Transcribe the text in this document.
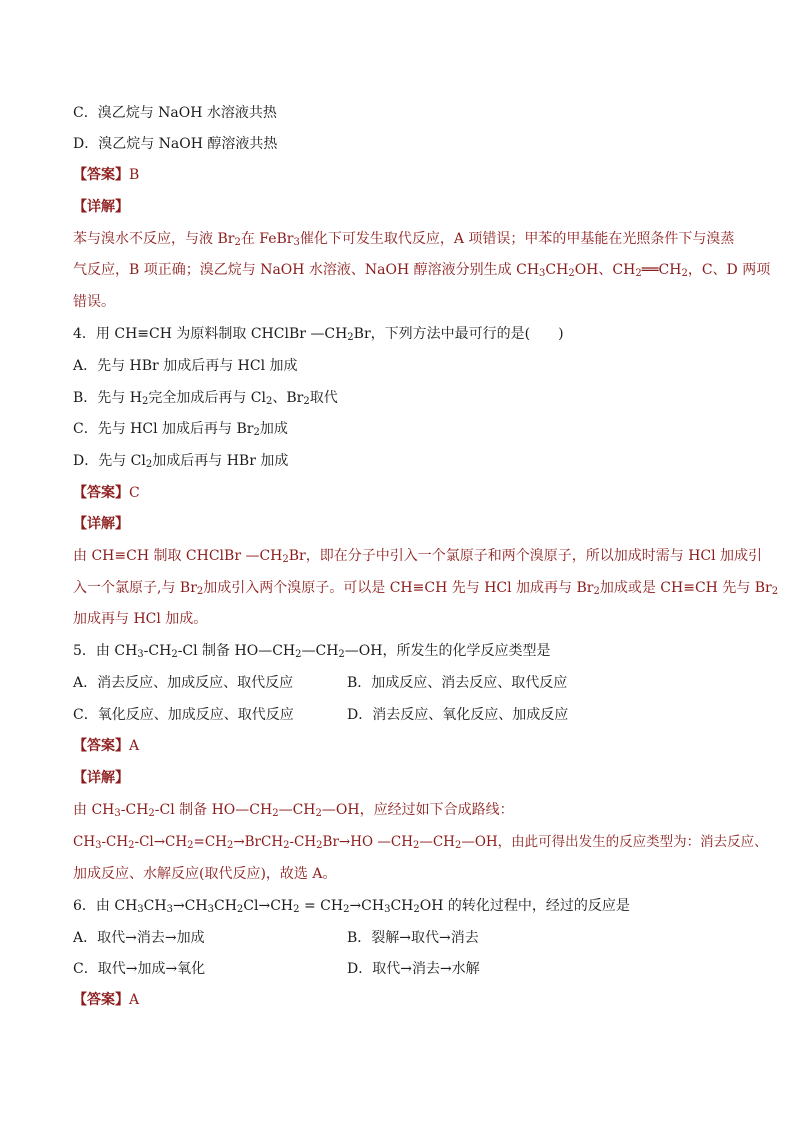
C．溴乙烷与 NaOH 水溶液共热
D．溴乙烷与 NaOH 醇溶液共热
【答案】B
【详解】
苯与溴水不反应，与液 $Br_2$在 FeBr$_3$催化下可发生取代反应，A 项错误；甲苯的甲基能在光照条件下与溴蒸
气反应，B 项正确；溴乙烷与 NaOH 水溶液、NaOH 醇溶液分别生成 $CH_3CH_2OH$、$CH_2══CH_2$，C、D 两项
错误。
4．用 CH≡CH 为原料制取 CHClBr $—CH_2Br$，下列方法中最可行的是(　　)
A．先与 HBr 加成后再与 HCl 加成
B．先与 $H_2$完全加成后再与 $Cl_2$、$Br_2$取代
C．先与 HCl 加成后再与 $Br_2$加成
D．先与 $Cl_2$加成后再与 HBr 加成
【答案】C
【详解】
由 CH≡CH 制取 CHClBr $—CH_2Br$，即在分子中引入一个氯原子和两个溴原子，所以加成时需与 HCl 加成引
入一个氯原子,与 $Br_2$加成引入两个溴原子。可以是 CH≡CH 先与 HCl 加成再与 $Br_2$加成或是 CH≡CH 先与 $Br_2$
加成再与 HCl 加成。
5．由 $CH_3-CH_2-Cl$ 制备 $HO—CH_2—CH_2—OH$，所发生的化学反应类型是
A．消去反应、加成反应、取代反应	B．加成反应、消去反应、取代反应
C．氧化反应、加成反应、取代反应	D．消去反应、氧化反应、加成反应
【答案】A
【详解】
由 $CH_3-CH_2-Cl$ 制备 $HO—CH_2—CH_2—OH$，应经过如下合成路线：
$CH_3-CH_2-Cl\to CH_2=CH_2\to BrCH_2-CH_2Br\to HO$ $—CH_2—CH_2—OH$，由此可得出发生的反应类型为：消去反应、
加成反应、水解反应(取代反应)，故选 A。
6．由 $CH_3CH_3\to CH_3CH_2Cl\to CH_2 = CH_2\to CH_3CH_2OH$ 的转化过程中，经过的反应是
A．取代→消去→加成	B．裂解→取代→消去
C．取代→加成→氧化	D．取代→消去→水解
【答案】A
